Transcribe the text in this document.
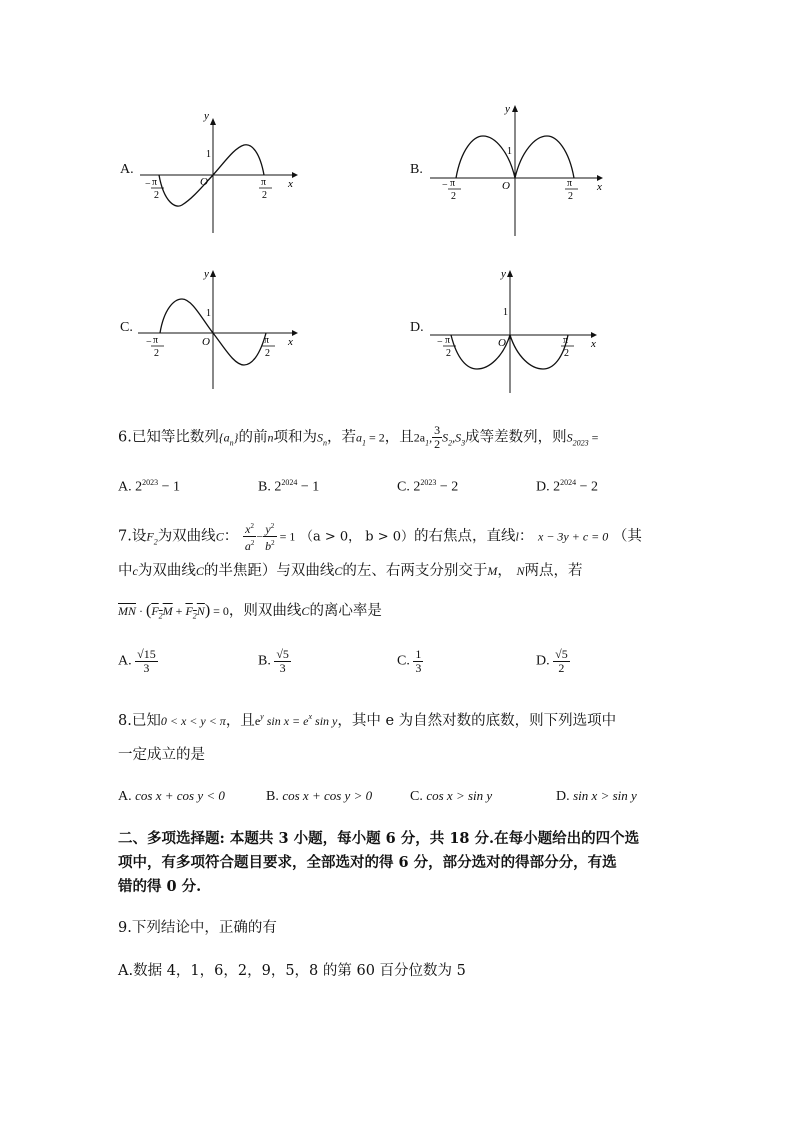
A.
y
x
O
1
− π
2
π
2
B.
y
x
O
1
− π
2
π
2
C.
y
x
O
1
− π
2
π
2
D.
y
x
O
1
− π
2
π
2
6.已知等比数列$\{a_n\}$的前n项和为$S_n$，若$a_1 = 2$，且$2a_1$, $\frac{3}{2} S_2,S_3$成等差数列，则$S_{2023}$ =
A. $2^{2023} - 1$	B. $2^{2024} - 1$	C. $2^{2023} - 2$	D. $2^{2024} - 2$
7.设$F_2$为双曲线C： $\frac{x^2}{a^2} - \frac{y^2}{b^2} = 1$ （a > 0， b > 0）的右焦点，直线l： x − 3y + c = 0 （其
中c为双曲线C的半焦距）与双曲线C的左、右两支分别交于M， N两点，若
$\overline{MN} \cdot (F_2M + F_2N) = 0$，则双曲线C的离心率是
A. $\frac{√15}{3}$	B. $\frac{√5}{3}$	C. $\frac{1}{3}$	D. $\frac{√5}{2}$
8.已知0 < x < y < π，且$e^y$ $\sin x = e^x$ sin y，其中 e 为自然对数的底数，则下列选项中
一定成立的是
A. cos x + cos y < 0	B. cos x + cos y > 0	C. cos x > sin y	D. sin x > sin y
二、多项选择题: 本题共 3 小题，每小题 6 分，共 18 分.在每小题给出的四个选
项中，有多项符合题目要求，全部选对的得 6 分，部分选对的得部分分，有选
错的得 0 分.
9.下列结论中，正确的有
A.数据 4，1，6，2，9，5，8 的第 60 百分位数为 5
